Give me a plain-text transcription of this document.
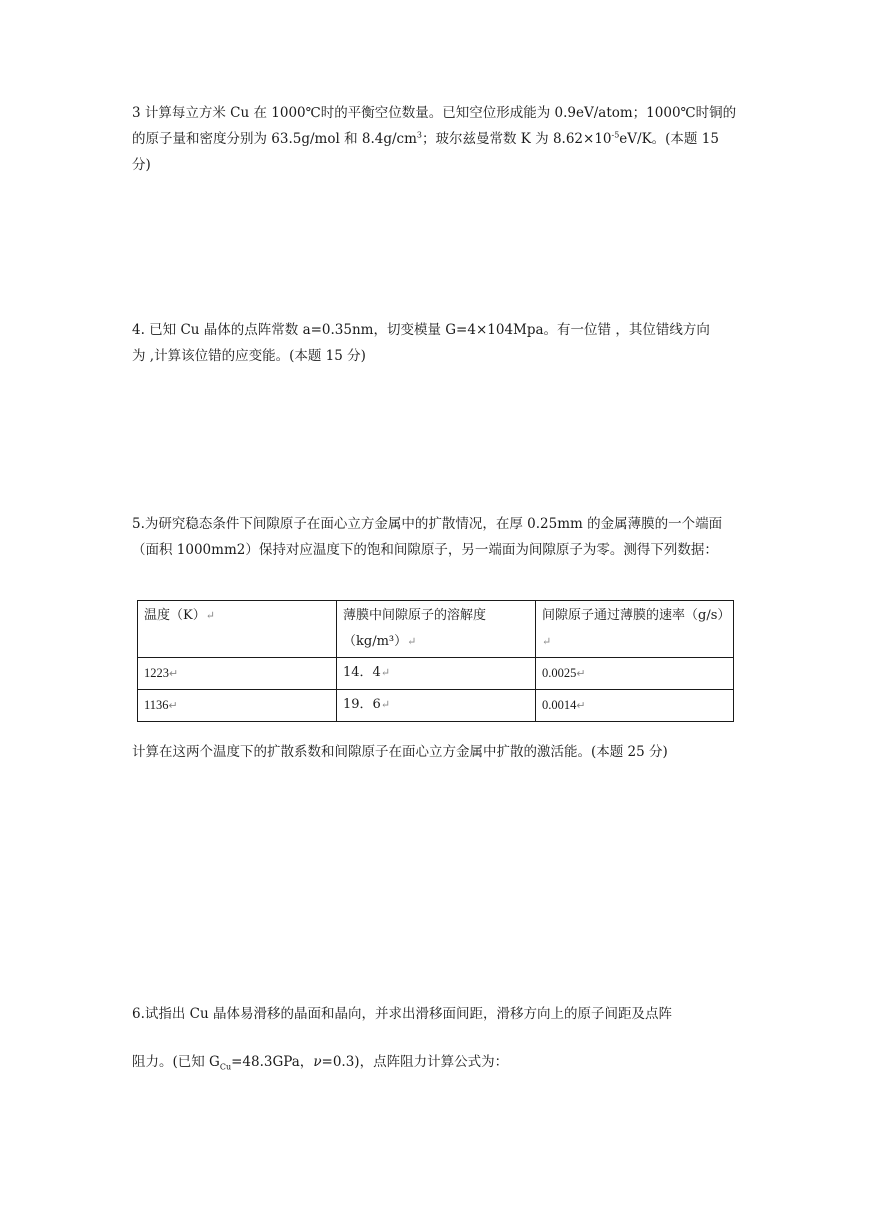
3 计算每立方米 Cu 在 1000℃时的平衡空位数量。已知空位形成能为 0.9eV/atom；1000℃时铜的的原子量和密度分别为 63.5g/mol 和 $8.4g/cm^3$；玻尔兹曼常数 K 为 $8.62\times 10^{-5}eV/K$。(本题 15 分)

4. 已知 Cu 晶体的点阵常数 a=0.35nm，切变模量 G=4×104Mpa。有一位错 ，其位错线方向

为 ,计算该位错的应变能。(本题 15 分)

5.为研究稳态条件下间隙原子在面心立方金属中的扩散情况，在厚 0.25mm 的金属薄膜的一个端面（面积 1000mm2）保持对应温度下的饱和间隙原子，另一端面为间隙原子为零。测得下列数据：

温度（K）↵	薄膜中间隙原子的溶解度（kg/m³）↵	间隙原子通过薄膜的速率（g/s）↵
1223↵	14．4↵	0.0025↵
1136↵	19．6↵	0.0014↵

计算在这两个温度下的扩散系数和间隙原子在面心立方金属中扩散的激活能。(本题 25 分)

6.试指出 Cu 晶体易滑移的晶面和晶向，并求出滑移面间距，滑移方向上的原子间距及点阵

阻力。(已知 $G_{Cu}=48.3GPa$，ν=0.3)，点阵阻力计算公式为：
